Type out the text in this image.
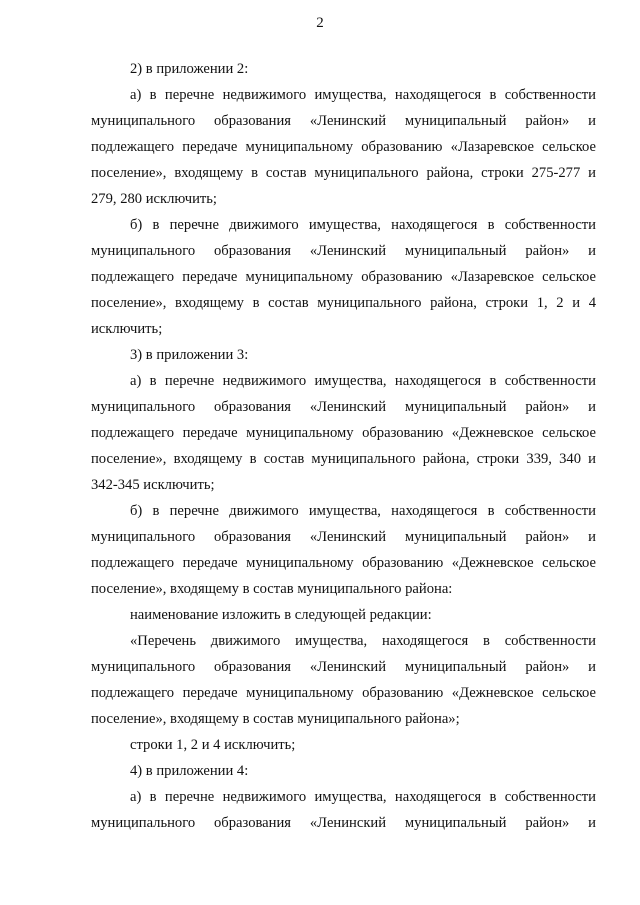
2
2) в приложении 2:
а) в перечне недвижимого имущества, находящегося в собственности
муниципального образования «Ленинский муниципальный район» и
подлежащего передаче муниципальному образованию «Лазаревское сельское
поселение», входящему в состав муниципального района, строки 275-277 и
279, 280 исключить;
б) в перечне движимого имущества, находящегося в собственности
муниципального образования «Ленинский муниципальный район» и
подлежащего передаче муниципальному образованию «Лазаревское сельское
поселение», входящему в состав муниципального района, строки 1, 2 и 4
исключить;
3) в приложении 3:
а) в перечне недвижимого имущества, находящегося в собственности
муниципального образования «Ленинский муниципальный район» и
подлежащего передаче муниципальному образованию «Дежневское сельское
поселение», входящему в состав муниципального района, строки 339, 340 и
342-345 исключить;
б) в перечне движимого имущества, находящегося в собственности
муниципального образования «Ленинский муниципальный район» и
подлежащего передаче муниципальному образованию «Дежневское сельское
поселение», входящему в состав муниципального района:
наименование изложить в следующей редакции:
«Перечень движимого имущества, находящегося в собственности
муниципального образования «Ленинский муниципальный район» и
подлежащего передаче муниципальному образованию «Дежневское сельское
поселение», входящему в состав муниципального района»;
строки 1, 2 и 4 исключить;
4) в приложении 4:
а) в перечне недвижимого имущества, находящегося в собственности
муниципального образования «Ленинский муниципальный район» и
